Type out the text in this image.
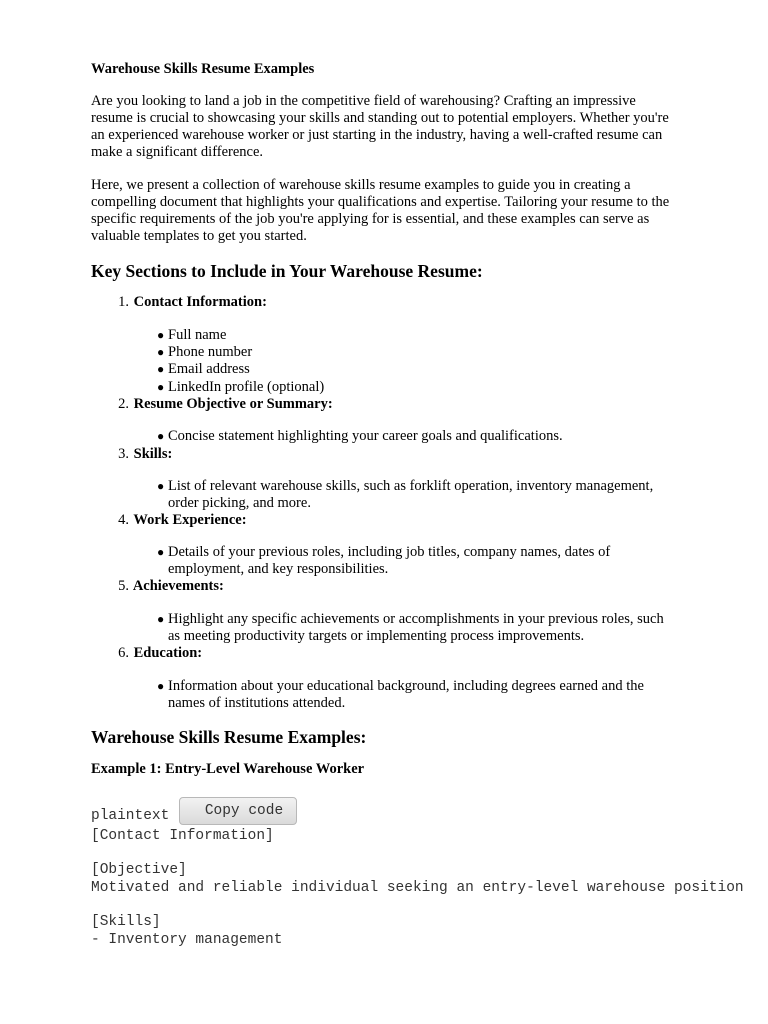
Warehouse Skills Resume Examples

Are you looking to land a job in the competitive field of warehousing? Crafting an impressive
resume is crucial to showcasing your skills and standing out to potential employers. Whether you're
an experienced warehouse worker or just starting in the industry, having a well-crafted resume can
make a significant difference.

Here, we present a collection of warehouse skills resume examples to guide you in creating a
compelling document that highlights your qualifications and expertise. Tailoring your resume to the
specific requirements of the job you're applying for is essential, and these examples can serve as
valuable templates to get you started.

Key Sections to Include in Your Warehouse Resume:
1. Contact Information:
● Full name
● Phone number
● Email address
● LinkedIn profile (optional)
2. Resume Objective or Summary:
● Concise statement highlighting your career goals and qualifications.
3. Skills:
● List of relevant warehouse skills, such as forklift operation, inventory management,
order picking, and more.
4. Work Experience:
● Details of your previous roles, including job titles, company names, dates of
employment, and key responsibilities.
5. Achievements:
● Highlight any specific achievements or accomplishments in your previous roles, such
as meeting productivity targets or implementing process improvements.
6. Education:
● Information about your educational background, including degrees earned and the
names of institutions attended.
Warehouse Skills Resume Examples:
Example 1: Entry-Level Warehouse Worker
plaintext	Copy code
[Contact Information]
[Objective]
Motivated and reliable individual seeking an entry-level warehouse position
[Skills]
- Inventory management
